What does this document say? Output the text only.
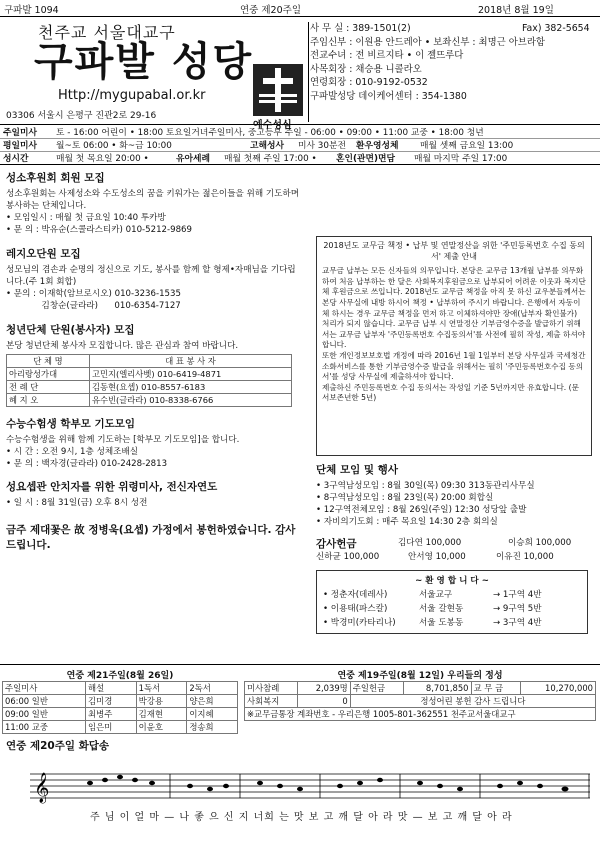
구파발 1094	연중 제20주일	2018년 8월 19일
천주교 서울대교구
구파발 성당
Http://mygupabal.or.kr
03306 서울시 은평구 진관2로 29-16
예수성심
사 무 실 : 389-1501(2)	Fax) 382-5654
주임신부 : 이원용 안드레아 • 보좌신부 : 최명근 아브라함
전교수녀 : 전 비르지타 • 이 젤뜨루다
사목회장 : 채승용 니콜라오
연령회장 : 010-9192-0532
구파발성당 데이케어센터 : 354-1380
주일미사 토 - 16:00 어린이 • 18:00 토요일거녀주일미사, 중고등부 주일 - 06:00 • 09:00 • 11:00 교중 • 18:00 청년
평일미사 월~토 06:00 • 화~금 10:00	고해성사 미사 30분전 환우영성체 매월 셋째 금요일 13:00
성시간	매월 첫 목요일 20:00 •	유아세례 매월 첫째 주일 17:00 • 혼인(관면)면담 매월 마지막 주일 17:00
성소후원회 회원 모집
성소후원회는 사제성소와 수도성소의 꿈을 키워가는 젊은이들을 위해 기도하며 봉사하는 단체입니다.
• 모임일시 : 매월 첫 금요일 10:40 투카방
• 문 의 : 박유순(스콜라스티카) 010-5212-9869
레지오단원 모집
성모님의 겸손과 순명의 정신으로 기도, 봉사를 함께 할 형제•자매님을 기다립니다.(주 1회 회합)
• 문의 : 이재학(암브로시오) 010-3236-1535
김창순(글라라)      010-6354-7127
청년단체 단원(봉사자) 모집
본당 청년단체 봉사자 모집합니다. 많은 관심과 참여 바랍니다.
단 체 명	대 표 봉 사 자
아리랑성가대	고민지(엘리사벳) 010-6419-4871
전 례 단	김동현(요셉) 010-8557-6183
혜 지 오	유수빈(글라라) 010-8338-6766
수능수험생 학부모 기도모임
수능수험생을 위해 함께 기도하는 [학부모 기도모임]을 합니다.
• 시 간 : 오전 9시, 1층 성체조배실
• 문 의 : 백자경(글라라) 010-2428-2813
성요셉관 안치자를 위한 위령미사, 전신자연도
• 일 시 : 8월 31일(금) 오후 8시 성전
금주 제대꽃은 故 정병욱(요셉) 가정에서 봉헌하였습니다. 감사드립니다.
2018년도 교무금 책정 • 납부 및 연말정산을 위한 '주민등록번호 수집 동의서' 제출 안내
교무금 납부는 모든 신자들의 의무입니다. 본당은 교무금 13개월 납부를 의무화하여 처음 납부하는 한 달은 사회복지후원금으로 납부되어 어려운 이웃과 복지단체 후원금으로 쓰입니다. 2018년도 교무금 책정을 아직 못 하신 교우분들께서는 본당 사무실에 내방 하시어 책정 • 납부하여 주시기 바랍니다. 은행에서 자동이체 하시는 경우 교무금 책정을 먼저 하고 이체하셔야만 장애(납부자 확인불가) 처리가 되지 않습니다. 교무금 납부 시 연말정산 기부금영수증을 발급하기 위해서는 교무금 납부자 '주민등록번호 수집동의서'를 사전에 필히 작성, 제출 하셔야 합니다.
또한 개인정보보호법 개정에 따라 2016년 1월 1일부터 본당 사무실과 국세청간소화서비스를 통한 기부금영수증 발급을 위해서는 필히 '주민등록번호수집 동의서'를 성당 사무실에 제출하셔야 합니다.
제출하신 주민등록번호 수집 동의서는 작성일 기준 5년까지만 유효합니다. (문서보존년한 5년)
단체 모임 및 행사
• 3구역남성모임 : 8월 30일(목) 09:30 313동관리사무실
• 8구역남성모임 : 8월 23일(목) 20:00 회합실
• 12구역전체모임 : 8월 26일(주일) 12:30 성당앞 출발
• 자비의기도회 : 매주 목요일 14:30 2층 회의실
감사헌금	김다연 100,000	이승희 100,000
신하균 100,000	안서영 10,000	이유진 10,000
~ 환 영 합 니 다 ~
• 정춘자(데레사)	서울교구	→ 1구역 4반
• 이용태(파스칼)	서울 갈현동	→ 9구역 5반
• 박경미(카타리나)	서울 도봉동	→ 3구역 4반
연중 제21주일(8월 26일)
주일미사	해설	1독서	2독서
06:00 일반	김미경	박강용	양은희
09:00 일반	최병주	김재현	이지혜
11:00 교중	임은미	이윤호	정송희
연중 제19주일(8월 12일) 우리들의 정성
미사참례	2,039명	주일헌금	8,701,850	교 무 금	10,270,000
사회복지	0	정성어린 봉헌 감사 드립니다			
※교무금통장 계좌번호 - 우리은행 1005-801-362551 천주교서울대교구					
연중 제20주일 화답송
𝄞
주 님 이 얼 마 — 나 좋 으 신 지 너희 는 맛 보 고 깨 달 아 라 맛 — 보 고 깨 달 아 라
